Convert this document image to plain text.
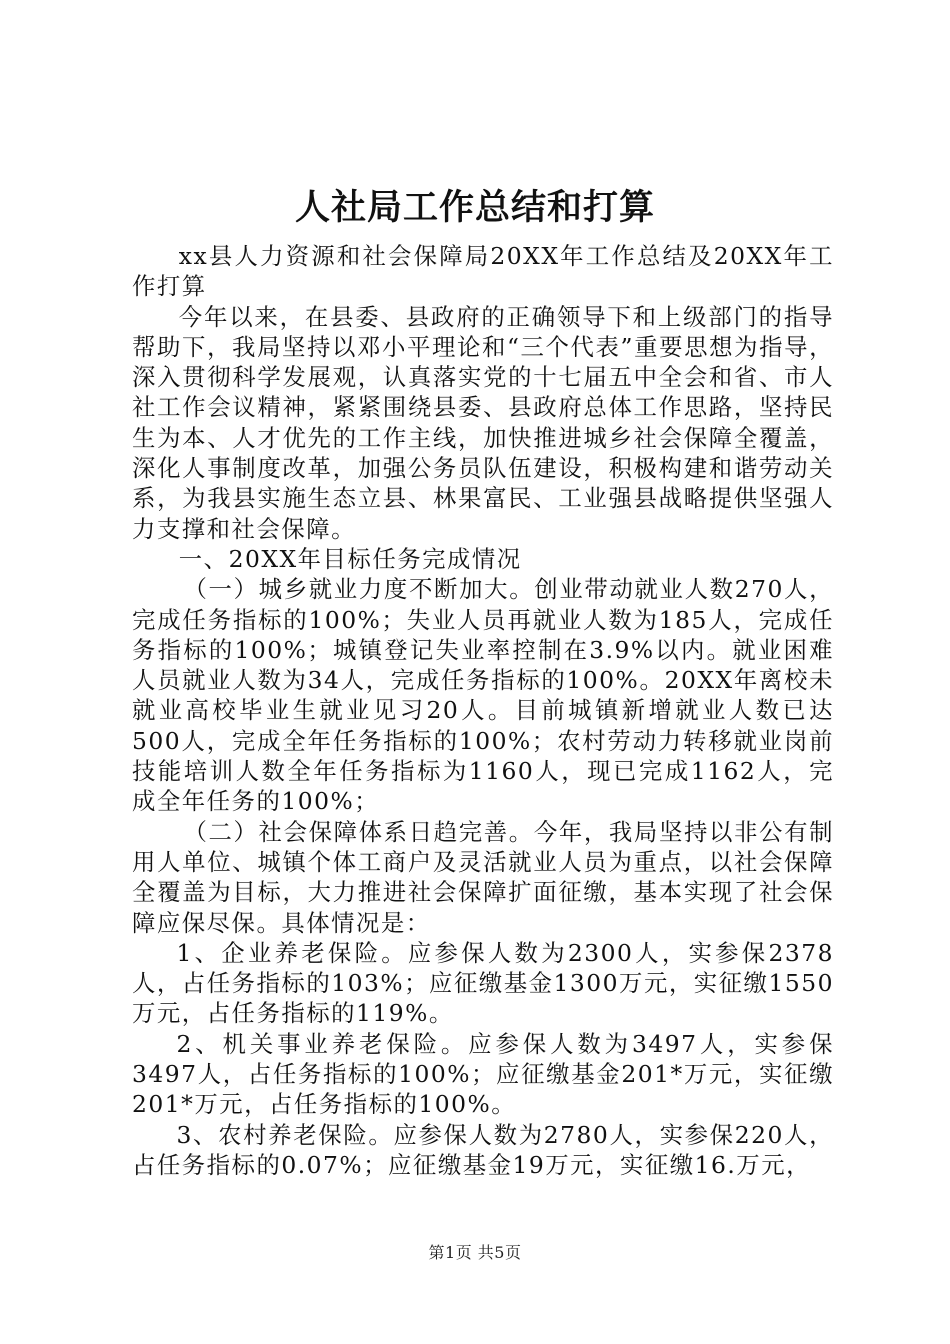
人社局工作总结和打算

xx县人力资源和社会保障局20XX年工作总结及20XX年工作打算

今年以来，在县委、县政府的正确领导下和上级部门的指导帮助下，我局坚持以邓小平理论和“三个代表”重要思想为指导，深入贯彻科学发展观，认真落实党的十七届五中全会和省、市人社工作会议精神，紧紧围绕县委、县政府总体工作思路，坚持民生为本、人才优先的工作主线，加快推进城乡社会保障全覆盖，深化人事制度改革，加强公务员队伍建设，积极构建和谐劳动关系，为我县实施生态立县、林果富民、工业强县战略提供坚强人力支撑和社会保障。

一、20XX年目标任务完成情况

（一）城乡就业力度不断加大。创业带动就业人数270人，完成任务指标的100%；失业人员再就业人数为185人，完成任务指标的100%；城镇登记失业率控制在3.9%以内。就业困难人员就业人数为34人，完成任务指标的100%。20XX年离校未就业高校毕业生就业见习20人。目前城镇新增就业人数已达500人，完成全年任务指标的100%；农村劳动力转移就业岗前技能培训人数全年任务指标为1160人，现已完成1162人，完成全年任务的100%；

（二）社会保障体系日趋完善。今年，我局坚持以非公有制用人单位、城镇个体工商户及灵活就业人员为重点，以社会保障全覆盖为目标，大力推进社会保障扩面征缴，基本实现了社会保障应保尽保。具体情况是：

1、企业养老保险。应参保人数为2300人，实参保2378人，占任务指标的103%；应征缴基金1300万元，实征缴1550万元，占任务指标的119%。

2、机关事业养老保险。应参保人数为3497人，实参保3497人，占任务指标的100%；应征缴基金201*万元，实征缴201*万元，占任务指标的100%。

3、农村养老保险。应参保人数为2780人，实参保220人，占任务指标的0.07%；应征缴基金19万元，实征缴16.万元，

第1页 共5页
